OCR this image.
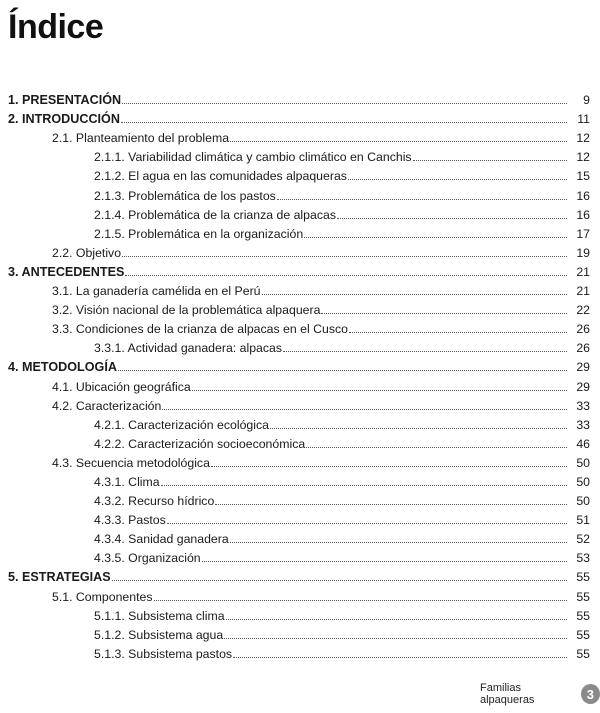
Índice
1. PRESENTACIÓN	9
2. INTRODUCCIÓN	11
2.1. Planteamiento del problema	12
2.1.1. Variabilidad climática y cambio climático en Canchis	12
2.1.2. El agua en las comunidades alpaqueras	15
2.1.3. Problemática de los pastos	16
2.1.4. Problemática de la crianza de alpacas	16
2.1.5. Problemática en la organización	17
2.2. Objetivo	19
3. ANTECEDENTES	21
3.1. La ganadería camélida en el Perú	21
3.2. Visión nacional de la problemática alpaquera	22
3.3. Condiciones de la crianza de alpacas en el Cusco	26
3.3.1. Actividad ganadera: alpacas	26
4. METODOLOGÍA	29
4.1. Ubicación geográfica	29
4.2. Caracterización	33
4.2.1. Caracterización ecológica	33
4.2.2. Caracterización socioeconómica	46
4.3. Secuencia metodológica	50
4.3.1. Clima	50
4.3.2. Recurso hídrico	50
4.3.3. Pastos	51
4.3.4. Sanidad ganadera	52
4.3.5. Organización	53
5. ESTRATEGIAS	55
5.1. Componentes	55
5.1.1. Subsistema clima	55
5.1.2. Subsistema agua	55
5.1.3. Subsistema pastos	55
Familias alpaqueras	3
